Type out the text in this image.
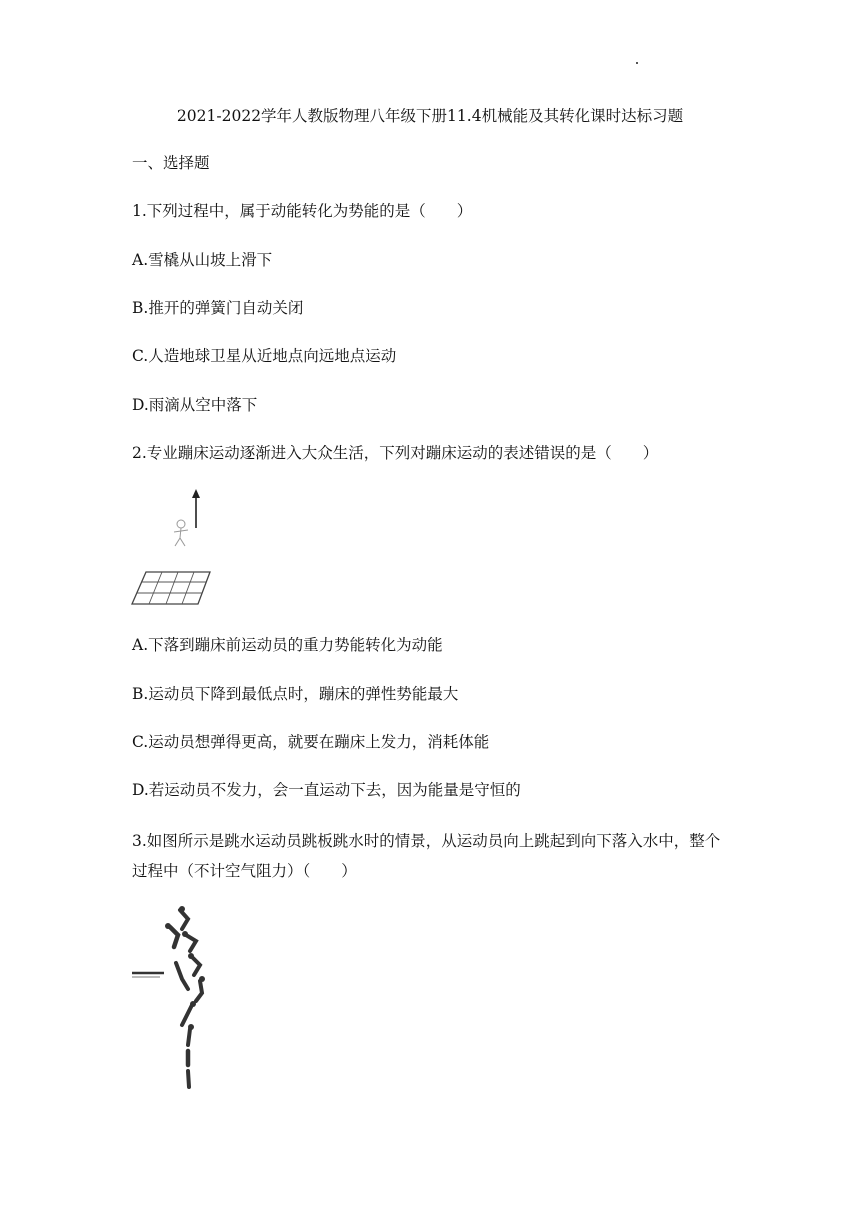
2021-2022学年人教版物理八年级下册11.4机械能及其转化课时达标习题
一、选择题
1.下列过程中，属于动能转化为势能的是（　　）
A.雪橇从山坡上滑下
B.推开的弹簧门自动关闭
C.人造地球卫星从近地点向远地点运动
D.雨滴从空中落下
2.专业蹦床运动逐渐进入大众生活，下列对蹦床运动的表述错误的是（　　）
A.下落到蹦床前运动员的重力势能转化为动能
B.运动员下降到最低点时，蹦床的弹性势能最大
C.运动员想弹得更高，就要在蹦床上发力，消耗体能
D.若运动员不发力，会一直运动下去，因为能量是守恒的
3.如图所示是跳水运动员跳板跳水时的情景，从运动员向上跳起到向下落入水中，整个过程中（不计空气阻力）（　　）
